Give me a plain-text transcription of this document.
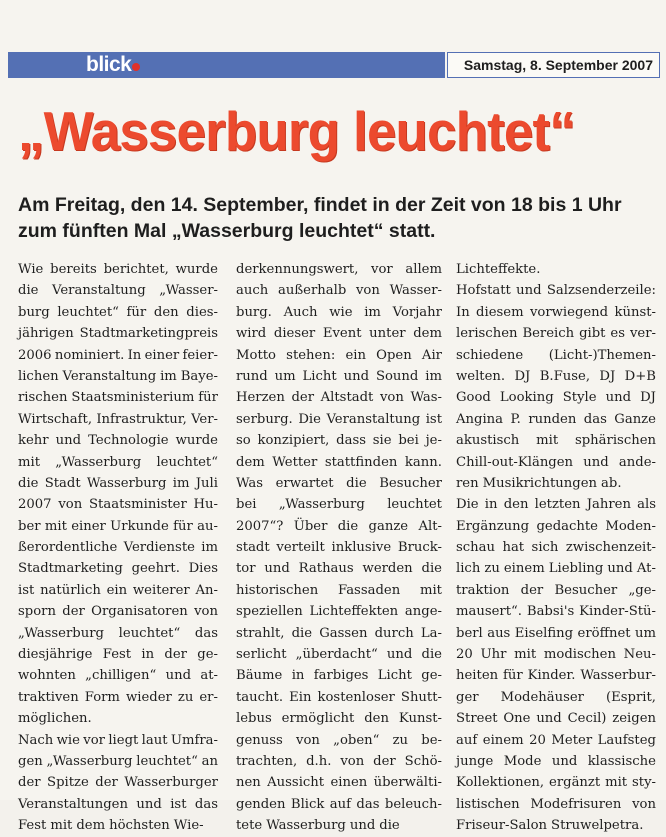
blick	Samstag, 8. September 2007
„Wasserburg leuchtet“
Am Freitag, den 14. September, findet in der Zeit von 18 bis 1 Uhr
zum fünften Mal „Wasserburg leuchtet“ statt.
Wie bereits berichtet, wurde
die Veranstaltung „Wasser-
burg leuchtet“ für den dies-
jährigen Stadtmarketingpreis
2006 nominiert. In einer feier-
lichen Veranstaltung im Baye-
rischen Staatsministerium für
Wirtschaft, Infrastruktur, Ver-
kehr und Technologie wurde
mit „Wasserburg leuchtet“
die Stadt Wasserburg im Juli
2007 von Staatsminister Hu-
ber mit einer Urkunde für au-
ßerordentliche Verdienste im
Stadtmarketing geehrt. Dies
ist natürlich ein weiterer An-
sporn der Organisatoren von
„Wasserburg leuchtet“ das
diesjährige Fest in der ge-
wohnten „chilligen“ und at-
traktiven Form wieder zu er-
möglichen.
Nach wie vor liegt laut Umfra-
gen „Wasserburg leuchtet“ an
der Spitze der Wasserburger
Veranstaltungen und ist das
Fest mit dem höchsten Wie-
derkennungswert, vor allem
auch außerhalb von Wasser-
burg. Auch wie im Vorjahr
wird dieser Event unter dem
Motto stehen: ein Open Air
rund um Licht und Sound im
Herzen der Altstadt von Was-
serburg. Die Veranstaltung ist
so konzipiert, dass sie bei je-
dem Wetter stattfinden kann.
Was erwartet die Besucher
bei „Wasserburg leuchtet
2007“? Über die ganze Alt-
stadt verteilt inklusive Bruck-
tor und Rathaus werden die
historischen Fassaden mit
speziellen Lichteffekten ange-
strahlt, die Gassen durch La-
serlicht „überdacht“ und die
Bäume in farbiges Licht ge-
taucht. Ein kostenloser Shutt-
lebus ermöglicht den Kunst-
genuss von „oben“ zu be-
trachten, d.h. von der Schö-
nen Aussicht einen überwälti-
genden Blick auf das beleuch-
tete Wasserburg und die
Lichteffekte.
Hofstatt und Salzsenderzeile:
In diesem vorwiegend künst-
lerischen Bereich gibt es ver-
schiedene (Licht-)Themen-
welten. DJ B.Fuse, DJ D+B
Good Looking Style und DJ
Angina P. runden das Ganze
akustisch mit sphärischen
Chill-out-Klängen und ande-
ren Musikrichtungen ab.
Die in den letzten Jahren als
Ergänzung gedachte Moden-
schau hat sich zwischenzeit-
lich zu einem Liebling und At-
traktion der Besucher „ge-
mausert“. Babsi's Kinder-Stü-
berl aus Eiselfing eröffnet um
20 Uhr mit modischen Neu-
heiten für Kinder. Wasserbur-
ger Modehäuser (Esprit,
Street One und Cecil) zeigen
auf einem 20 Meter Laufsteg
junge Mode und klassische
Kollektionen, ergänzt mit sty-
listischen Modefrisuren von
Friseur-Salon Struwelpetra.
